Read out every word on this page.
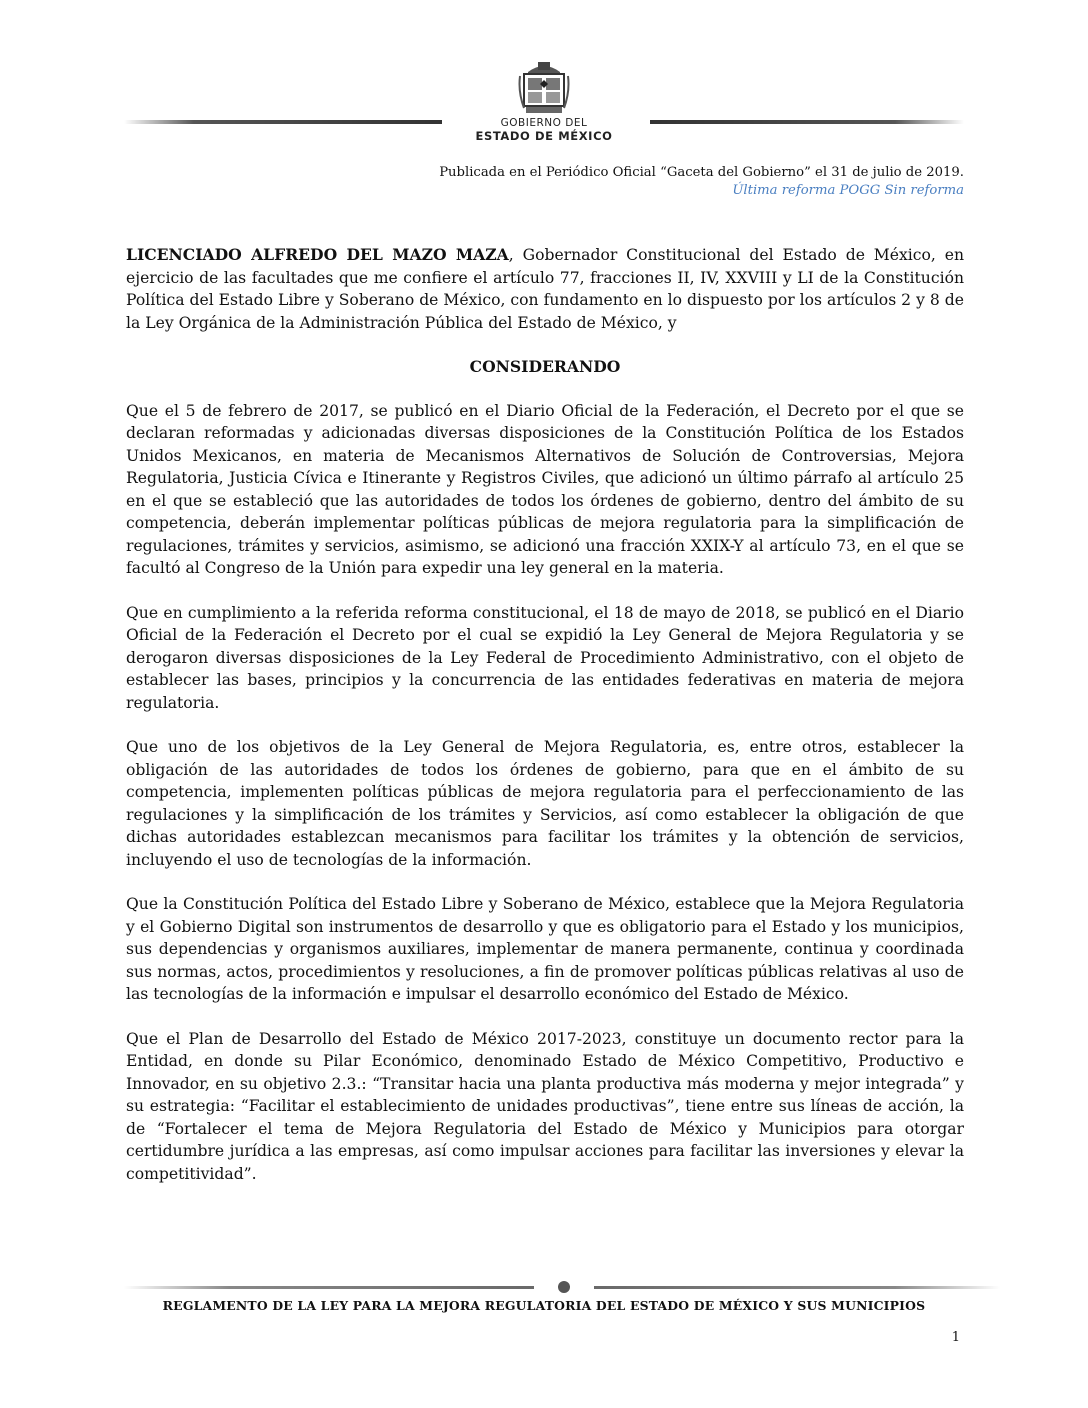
GOBIERNO DEL
ESTADO DE MÉXICO
Publicada en el Periódico Oficial “Gaceta del Gobierno” el 31 de julio de 2019.
Última reforma POGG Sin reforma

LICENCIADO ALFREDO DEL MAZO MAZA, Gobernador Constitucional del Estado de México, en ejercicio de las facultades que me confiere el artículo 77, fracciones II, IV, XXVIII y LI de la Constitución Política del Estado Libre y Soberano de México, con fundamento en lo dispuesto por los artículos 2 y 8 de la Ley Orgánica de la Administración Pública del Estado de México, y

CONSIDERANDO

Que el 5 de febrero de 2017, se publicó en el Diario Oficial de la Federación, el Decreto por el que se declaran reformadas y adicionadas diversas disposiciones de la Constitución Política de los Estados Unidos Mexicanos, en materia de Mecanismos Alternativos de Solución de Controversias, Mejora Regulatoria, Justicia Cívica e Itinerante y Registros Civiles, que adicionó un último párrafo al artículo 25 en el que se estableció que las autoridades de todos los órdenes de gobierno, dentro del ámbito de su competencia, deberán implementar políticas públicas de mejora regulatoria para la simplificación de regulaciones, trámites y servicios, asimismo, se adicionó una fracción XXIX-Y al artículo 73, en el que se facultó al Congreso de la Unión para expedir una ley general en la materia.

Que en cumplimiento a la referida reforma constitucional, el 18 de mayo de 2018, se publicó en el Diario Oficial de la Federación el Decreto por el cual se expidió la Ley General de Mejora Regulatoria y se derogaron diversas disposiciones de la Ley Federal de Procedimiento Administrativo, con el objeto de establecer las bases, principios y la concurrencia de las entidades federativas en materia de mejora regulatoria.

Que uno de los objetivos de la Ley General de Mejora Regulatoria, es, entre otros, establecer la obligación de las autoridades de todos los órdenes de gobierno, para que en el ámbito de su competencia, implementen políticas públicas de mejora regulatoria para el perfeccionamiento de las regulaciones y la simplificación de los trámites y Servicios, así como establecer la obligación de que dichas autoridades establezcan mecanismos para facilitar los trámites y la obtención de servicios, incluyendo el uso de tecnologías de la información.

Que la Constitución Política del Estado Libre y Soberano de México, establece que la Mejora Regulatoria y el Gobierno Digital son instrumentos de desarrollo y que es obligatorio para el Estado y los municipios, sus dependencias y organismos auxiliares, implementar de manera permanente, continua y coordinada sus normas, actos, procedimientos y resoluciones, a fin de promover políticas públicas relativas al uso de las tecnologías de la información e impulsar el desarrollo económico del Estado de México.

Que el Plan de Desarrollo del Estado de México 2017-2023, constituye un documento rector para la Entidad, en donde su Pilar Económico, denominado Estado de México Competitivo, Productivo e Innovador, en su objetivo 2.3.: “Transitar hacia una planta productiva más moderna y mejor integrada” y su estrategia: “Facilitar el establecimiento de unidades productivas”, tiene entre sus líneas de acción, la de “Fortalecer el tema de Mejora Regulatoria del Estado de México y Municipios para otorgar certidumbre jurídica a las empresas, así como impulsar acciones para facilitar las inversiones y elevar la competitividad”.

REGLAMENTO DE LA LEY PARA LA MEJORA REGULATORIA DEL ESTADO DE MÉXICO Y SUS MUNICIPIOS
1
